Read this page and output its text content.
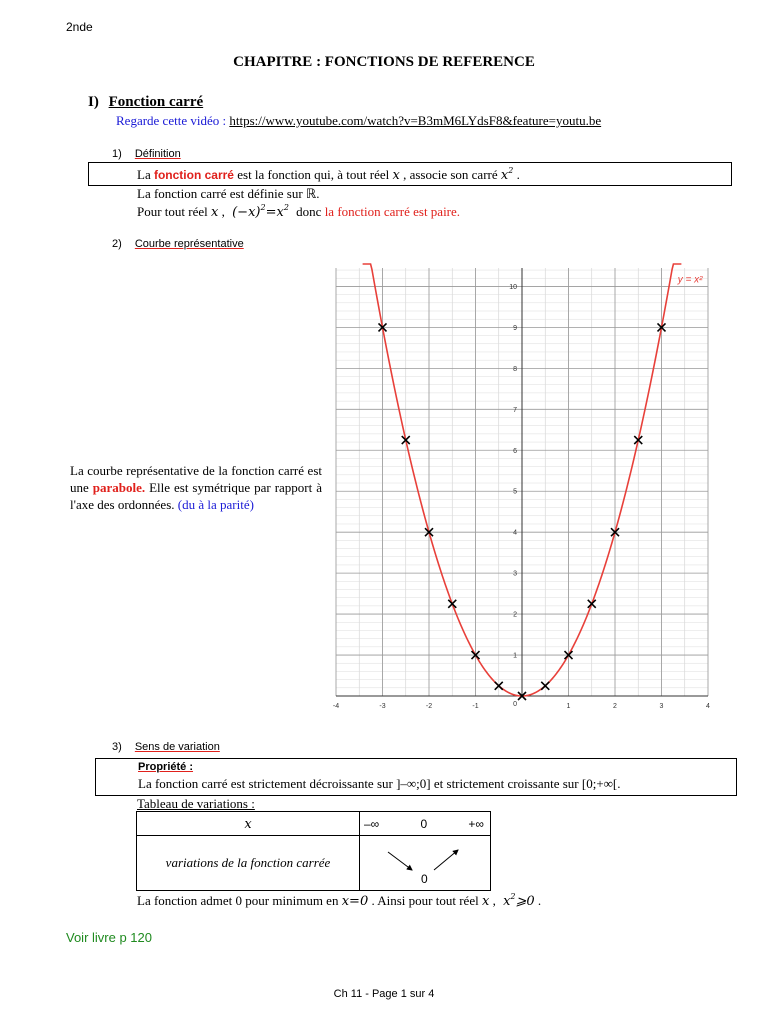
2nde
CHAPITRE : FONCTIONS DE REFERENCE
I) Fonction carré
Regarde cette vidéo : https://www.youtube.com/watch?v=B3mM6LYdsF8&feature=youtu.be
1) Définition
La fonction carré est la fonction qui, à tout réel x , associe son carré $x^2$ .
La fonction carré est définie sur ℝ.
Pour tout réel x , $(-x)^2=x^2$ donc la fonction carré est paire.
2) Courbe représentative
La courbe représentative de la fonction carré est une parabole. Elle est symétrique par rapport à l'axe des ordonnées. (du à la parité)
-4	-3	-2	-1	1	2	3	4
0
1
2
3
4
5
6
7
8
9
10
y = x²
3) Sens de variation
Propriété :
La fonction carré est strictement décroissante sur ]–∞;0] et strictement croissante sur [0;+∞[.
Tableau de variations :
x	–∞ 0 +∞

variations de la fonction carrée	0
La fonction admet 0 pour minimum en x=0 . Ainsi pour tout réel x , $x^2⩾0$ .
Voir livre p 120
Ch 11 - Page 1 sur 4
